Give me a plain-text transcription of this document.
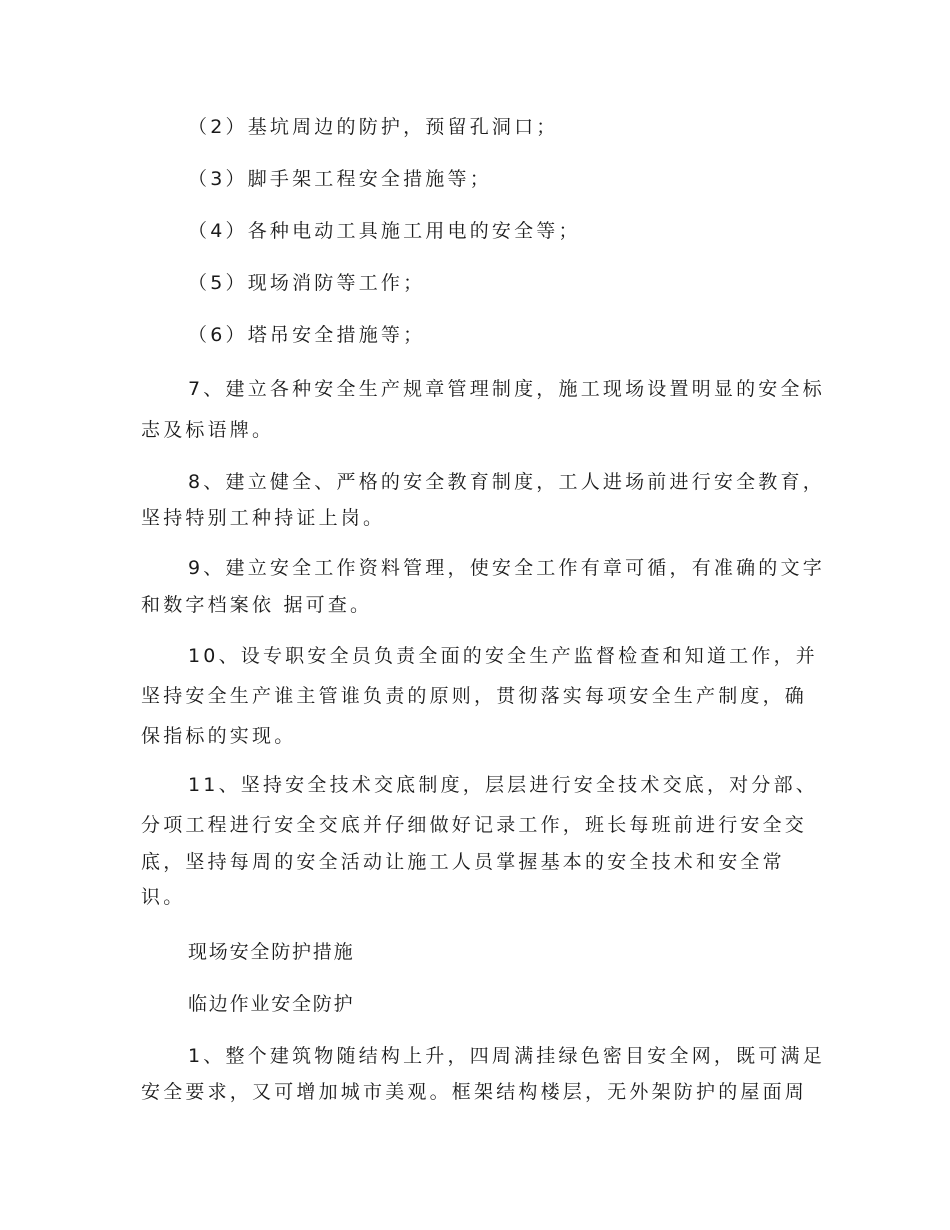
（2）基坑周边的防护，预留孔洞口；
（3）脚手架工程安全措施等；
（4）各种电动工具施工用电的安全等；
（5）现场消防等工作；
（6）塔吊安全措施等；
7、建立各种安全生产规章管理制度，施工现场设置明显的安全标
志及标语牌。
8、建立健全、严格的安全教育制度，工人进场前进行安全教育，
坚持特别工种持证上岗。
9、建立安全工作资料管理，使安全工作有章可循，有准确的文字
和数字档案依 据可查。
10、设专职安全员负责全面的安全生产监督检查和知道工作，并
坚持安全生产谁主管谁负责的原则，贯彻落实每项安全生产制度，确
保指标的实现。
11、坚持安全技术交底制度，层层进行安全技术交底，对分部、
分项工程进行安全交底并仔细做好记录工作，班长每班前进行安全交
底，坚持每周的安全活动让施工人员掌握基本的安全技术和安全常
识。
现场安全防护措施
临边作业安全防护
1、整个建筑物随结构上升，四周满挂绿色密目安全网，既可满足
安全要求，又可增加城市美观。框架结构楼层，无外架防护的屋面周
